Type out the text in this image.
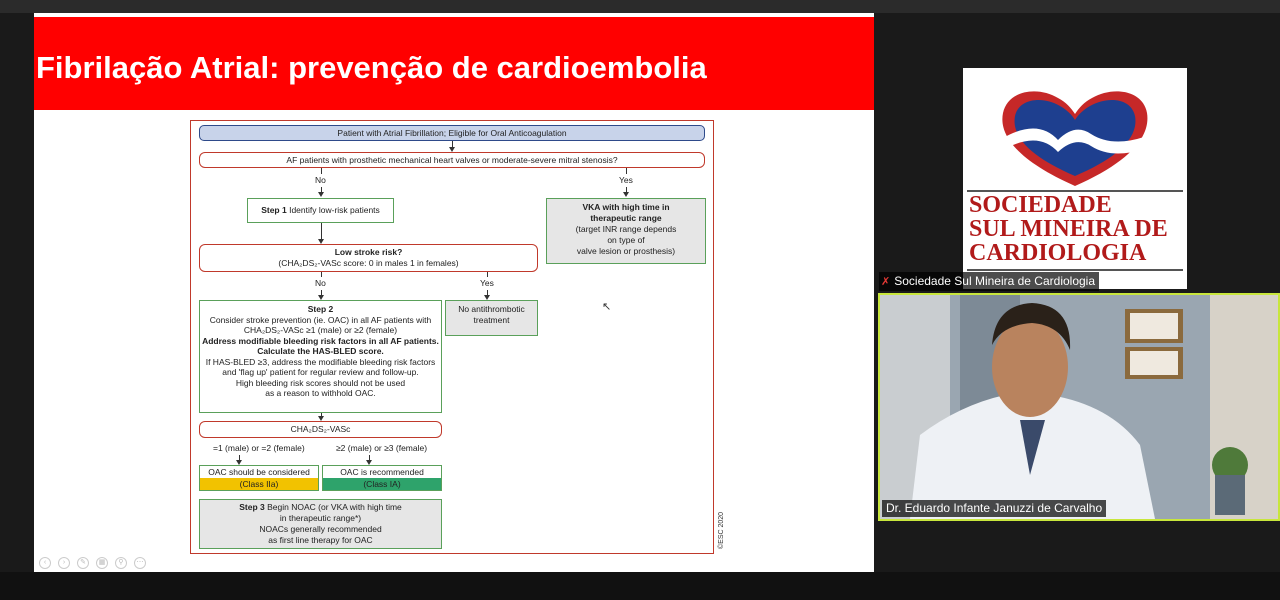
Fibrilação Atrial: prevenção de cardioembolia
Patient with Atrial Fibrillation; Eligible for Oral Anticoagulation
AF patients with prosthetic mechanical heart valves or moderate-severe mitral stenosis?
No	Yes
Step 1 Identify low-risk patients	VKA with high time in
therapeutic range
(target INR range depends
on type of
valve lesion or prosthesis)
Low stroke risk?
(CHA₂DS₂-VASc score: 0 in males 1 in females)
No	Yes
Step 2
Consider stroke prevention (ie. OAC) in all AF patients with
CHA₂DS₂-VASc ≥1 (male) or ≥2 (female)
Address modifiable bleeding risk factors in all AF patients.
Calculate the HAS-BLED score.
If HAS-BLED ≥3, address the modifiable bleeding risk factors
and 'flag up' patient for regular review and follow-up.
High bleeding risk scores should not be used
as a reason to withhold OAC.
No antithrombotic
treatment
CHA₂DS₂-VASc
=1 (male) or =2 (female)	≥2 (male) or ≥3 (female)
OAC should be considered
(Class IIa)
OAC is recommended
(Class IA)
Step 3 Begin NOAC (or VKA with high time
in therapeutic range*)
NOACs generally recommended
as first line therapy for OAC	©ESC 2020
↖
‹	›	✎	▦	⚲	⋯
SOCIEDADE
SUL MINEIRA DE
CARDIOLOGIA
✗ Sociedade Sul Mineira de Cardiologia
Dr. Eduardo Infante Januzzi de Carvalho
